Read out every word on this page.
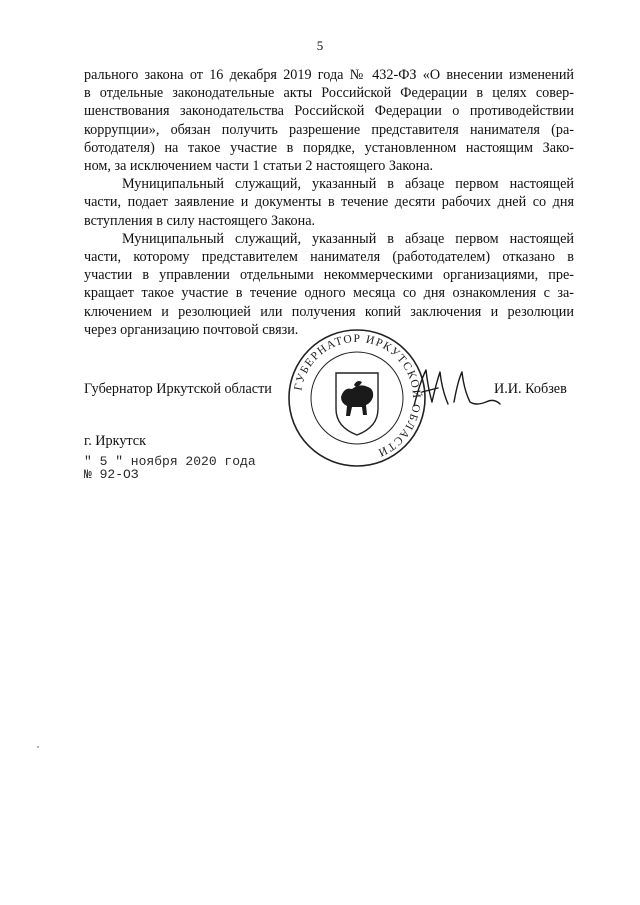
5
рального закона от 16 декабря 2019 года № 432-ФЗ «О внесении изменений
в отдельные законодательные акты Российской Федерации в целях совер-
шенствования законодательства Российской Федерации о противодействии
коррупции», обязан получить разрешение представителя нанимателя (ра-
ботодателя) на такое участие в порядке, установленном настоящим Зако-
ном, за исключением части 1 статьи 2 настоящего Закона.
Муниципальный служащий, указанный в абзаце первом настоящей
части, подает заявление и документы в течение десяти рабочих дней со дня
вступления в силу настоящего Закона.
Муниципальный служащий, указанный в абзаце первом настоящей
части, которому представителем нанимателя (работодателем) отказано в
участии в управлении отдельными некоммерческими организациями, пре-
кращает такое участие в течение одного месяца со дня ознакомления с за-
ключением и резолюцией или получения копий заключения и резолюции
через организацию почтовой связи.
ГУБЕРНАТОР ИРКУТСКОЙ ОБЛАСТИ
Губернатор Иркутской области	И.И. Кобзев
г. Иркутск
" 5 " ноября 2020 года
№ 92-ОЗ
